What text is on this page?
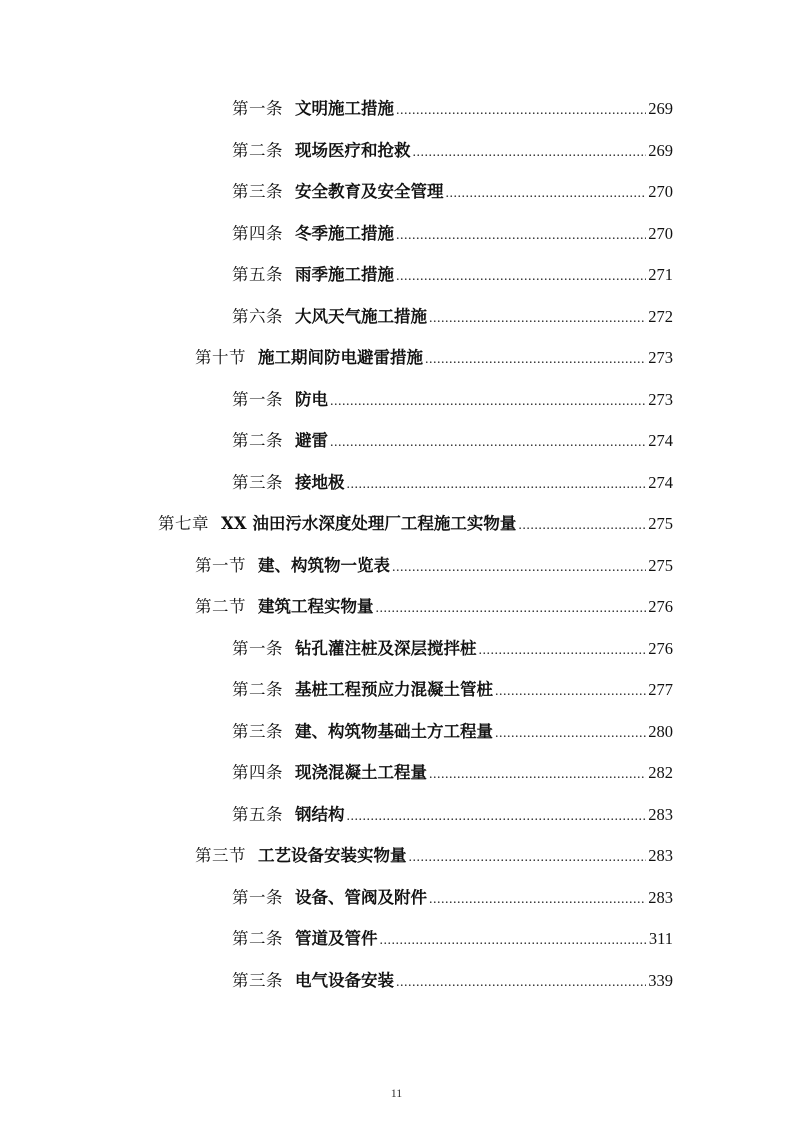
第一条 文明施工措施 .....	269
第二条 现场医疗和抢救 .....	269
第三条 安全教育及安全管理 .....	270
第四条 冬季施工措施 .....	270
第五条 雨季施工措施 .....	271
第六条 大风天气施工措施 .....	272
第十节 施工期间防电避雷措施 .....	273
第一条 防电 .....	273
第二条 避雷 .....	274
第三条 接地极 .....	274
第七章 XX 油田污水深度处理厂工程施工实物量 .....	275
第一节 建、构筑物一览表 .....	275
第二节 建筑工程实物量 .....	276
第一条 钻孔灌注桩及深层搅拌桩 .....	276
第二条 基桩工程预应力混凝土管桩 .....	277
第三条 建、构筑物基础土方工程量 .....	280
第四条 现浇混凝土工程量 .....	282
第五条 钢结构 .....	283
第三节 工艺设备安装实物量 .....	283
第一条 设备、管阀及附件 .....	283
第二条 管道及管件 .....	311
第三条 电气设备安装 .....	339
11
